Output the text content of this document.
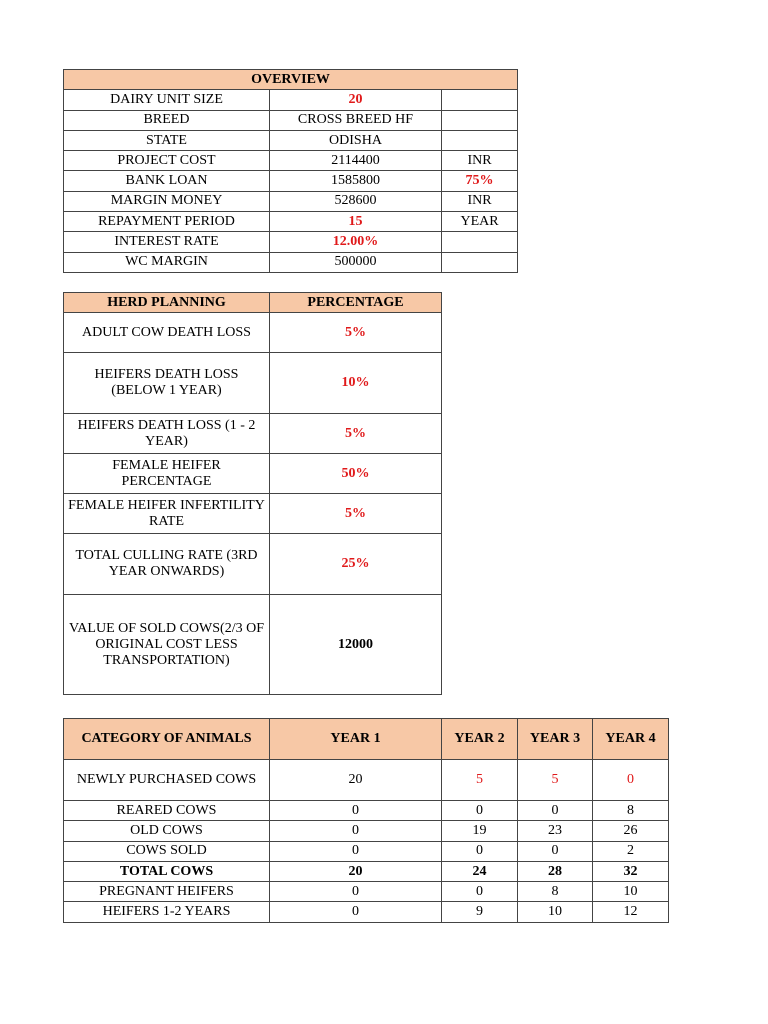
OVERVIEW		
DAIRY UNIT SIZE	20	
BREED	CROSS BREED HF	
STATE	ODISHA	
PROJECT COST	2114400	INR
BANK LOAN	1585800	75%
MARGIN MONEY	528600	INR
REPAYMENT PERIOD	15	YEAR
INTEREST RATE	12.00%	
WC MARGIN	500000	
HERD PLANNING	PERCENTAGE
ADULT COW DEATH LOSS	5%
HEIFERS DEATH LOSS (BELOW 1 YEAR)	10%
HEIFERS DEATH LOSS (1 - 2 YEAR)	5%
FEMALE HEIFER PERCENTAGE	50%
FEMALE HEIFER INFERTILITY RATE	5%
TOTAL CULLING RATE (3RD YEAR ONWARDS)	25%
VALUE OF SOLD COWS(2/3 OF ORIGINAL COST LESS TRANSPORTATION)	12000
CATEGORY OF ANIMALS	YEAR 1	YEAR 2	YEAR 3	YEAR 4
NEWLY PURCHASED COWS	20	5	5	0
REARED COWS	0	0	0	8
OLD COWS	0	19	23	26
COWS SOLD	0	0	0	2
TOTAL COWS	20	24	28	32
PREGNANT HEIFERS	0	0	8	10
HEIFERS 1-2 YEARS	0	9	10	12
